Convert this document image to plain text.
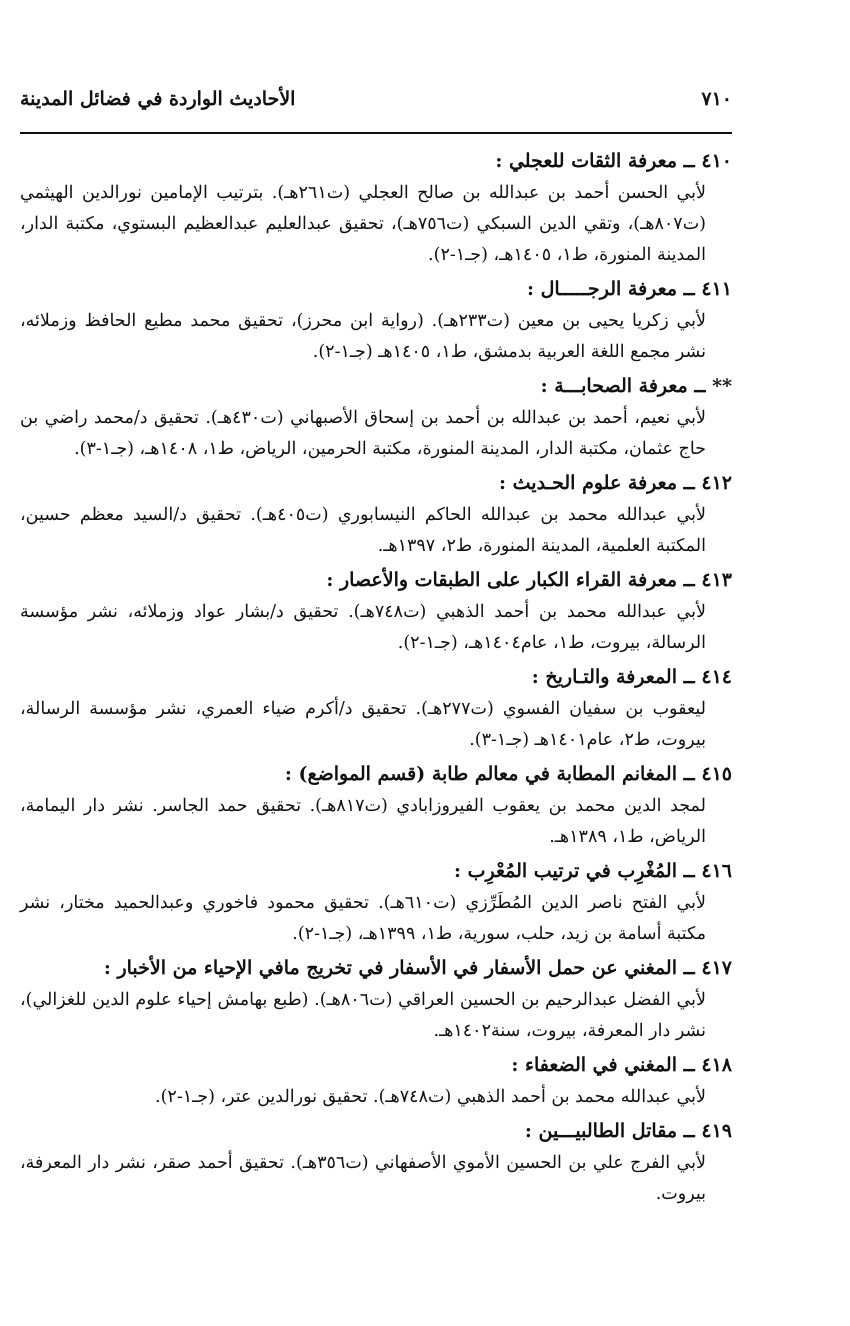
٧١٠
الأحاديث الواردة في فضائل المدينة
٤١٠ ــ معرفة الثقات للعجلي :

لأبي الحسن أحمد بن عبدالله بن صالح العجلي (ت٢٦١هـ). بترتيب الإمامين نورالدين الهيثمي (ت٨٠٧هـ)، وتقي الدين السبكي (ت٧٥٦هـ)، تحقيق عبدالعليم عبدالعظيم البستوي، مكتبة الدار، المدينة المنورة، ط١، ١٤٠٥هـ، (جـ١-٢).

٤١١ ــ معرفة الرجـــــال :

لأبي زكريا يحيى بن معين (ت٢٣٣هـ). (رواية ابن محرز)، تحقيق محمد مطيع الحافظ وزملائه، نشر مجمع اللغة العربية بدمشق، ط١، ١٤٠٥هـ (جـ١-٢).

** ــ معرفة الصحابـــة :

لأبي نعيم، أحمد بن عبدالله بن أحمد بن إسحاق الأصبهاني (ت٤٣٠هـ). تحقيق د/محمد راضي بن حاج عثمان، مكتبة الدار، المدينة المنورة، مكتبة الحرمين، الرياض، ط١، ١٤٠٨هـ، (جـ١-٣).

٤١٢ ــ معرفة علوم الحـديث :

لأبي عبدالله محمد بن عبدالله الحاكم النيسابوري (ت٤٠٥هـ). تحقيق د/السيد معظم حسين، المكتبة العلمية، المدينة المنورة، ط٢، ١٣٩٧هـ.

٤١٣ ــ معرفة القراء الكبار على الطبقات والأعصار :

لأبي عبدالله محمد بن أحمد الذهبي (ت٧٤٨هـ). تحقيق د/بشار عواد وزملائه، نشر مؤسسة الرسالة، بيروت، ط١، عام١٤٠٤هـ، (جـ١-٢).

٤١٤ ــ المعرفة والتـاريخ :

ليعقوب بن سفيان الفسوي (ت٢٧٧هـ). تحقيق د/أكرم ضياء العمري، نشر مؤسسة الرسالة، بيروت، ط٢، عام١٤٠١هـ (جـ١-٣).

٤١٥ ــ المغانم المطابة في معالم طابة (قسم المواضع) :

لمجد الدين محمد بن يعقوب الفيروزابادي (ت٨١٧هـ). تحقيق حمد الجاسر. نشر دار اليمامة، الرياض، ط١، ١٣٨٩هـ.

٤١٦ ــ المُغْرِب في ترتيب المُعْرِب :

لأبي الفتح ناصر الدين المُطَرِّزي (ت٦١٠هـ). تحقيق محمود فاخوري وعبدالحميد مختار، نشر مكتبة أسامة بن زيد، حلب، سورية، ط١، ١٣٩٩هـ، (جـ١-٢).

٤١٧ ــ المغني عن حمل الأسفار في الأسفار في تخريج مافي الإحياء من الأخبار :

لأبي الفضل عبدالرحيم بن الحسين العراقي (ت٨٠٦هـ). (طبع بهامش إحياء علوم الدين للغزالي)، نشر دار المعرفة، بيروت، سنة١٤٠٢هـ.

٤١٨ ــ المغني في الضعفاء :

لأبي عبدالله محمد بن أحمد الذهبي (ت٧٤٨هـ). تحقيق نورالدين عتر، (جـ١-٢).

٤١٩ ــ مقاتل الطالبيـــين :

لأبي الفرج علي بن الحسين الأموي الأصفهاني (ت٣٥٦هـ). تحقيق أحمد صقر، نشر دار المعرفة، بيروت.
